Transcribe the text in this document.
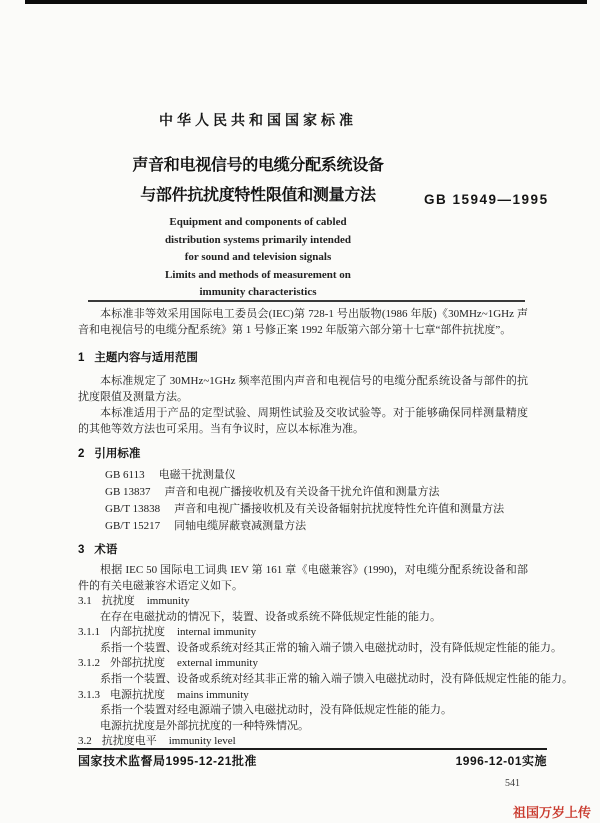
中华人民共和国国家标准
声音和电视信号的电缆分配系统设备
与部件抗扰度特性限值和测量方法
Equipment and components of cabled
distribution systems primarily intended
for sound and television signals
Limits and methods of measurement on
immunity characteristics
GB 15949—1995

本标准非等效采用国际电工委员会(IEC)第 728-1 号出版物(1986 年版)《30MHz~1GHz 声音和电视信号的电缆分配系统》第 1 号修正案 1992 年版第六部分第十七章“部件抗扰度”。

1 主题内容与适用范围

本标准规定了 30MHz~1GHz 频率范围内声音和电视信号的电缆分配系统设备与部件的抗扰度限值及测量方法。

本标准适用于产品的定型试验、周期性试验及交收试验等。对于能够确保同样测量精度的其他等效方法也可采用。当有争议时，应以本标准为准。

2 引用标准
GB 6113 电磁干扰测量仪
GB 13837 声音和电视广播接收机及有关设备干扰允许值和测量方法
GB/T 13838 声音和电视广播接收机及有关设备辐射抗扰度特性允许值和测量方法
GB/T 15217 同轴电缆屏蔽衰减测量方法
3 术语

根据 IEC 50 国际电工词典 IEV 第 161 章《电磁兼容》(1990)，对电缆分配系统设备和部件的有关电磁兼容术语定义如下。

3.1 抗扰度 immunity
在存在电磁扰动的情况下，装置、设备或系统不降低规定性能的能力。
3.1.1 内部抗扰度 internal immunity
系指一个装置、设备或系统对经其正常的输入端子馈入电磁扰动时，没有降低规定性能的能力。
3.1.2 外部抗扰度 external immunity
系指一个装置、设备或系统对经其非正常的输入端子馈入电磁扰动时，没有降低规定性能的能力。
3.1.3 电源抗扰度 mains immunity
系指一个装置对经电源端子馈入电磁扰动时，没有降低规定性能的能力。
电源抗扰度是外部抗扰度的一种特殊情况。
3.2 抗扰度电平 immunity level
国家技术监督局1995-12-21批准	1996-12-01实施
541
祖国万岁上传
